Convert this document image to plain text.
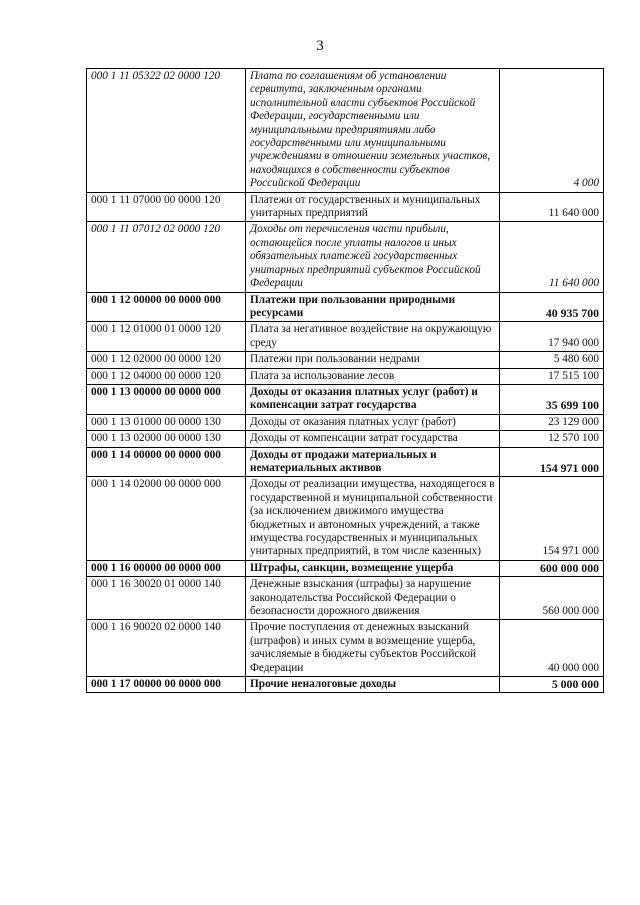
3
000 1 11 05322 02 0000 120	Плата по соглашениям об установлении сервитута, заключенным органами исполнительной власти субъектов Российской Федерации, государственными или муниципальными предприятиями либо государственными или муниципальными учреждениями в отношении земельных участков, находящихся в собственности субъектов Российской Федерации	4 000
000 1 11 07000 00 0000 120	Платежи от государственных и муниципальных унитарных предприятий	11 640 000
000 1 11 07012 02 0000 120	Доходы от перечисления части прибыли, остающейся после уплаты налогов и иных обязательных платежей государственных унитарных предприятий субъектов Российской Федерации	11 640 000
000 1 12 00000 00 0000 000	Платежи при пользовании природными ресурсами	40 935 700
000 1 12 01000 01 0000 120	Плата за негативное воздействие на окружающую среду	17 940 000
000 1 12 02000 00 0000 120	Платежи при пользовании недрами	5 480 600
000 1 12 04000 00 0000 120	Плата за использование лесов	17 515 100
000 1 13 00000 00 0000 000	Доходы от оказания платных услуг (работ) и компенсации затрат государства	35 699 100
000 1 13 01000 00 0000 130	Доходы от оказания платных услуг (работ)	23 129 000
000 1 13 02000 00 0000 130	Доходы от компенсации затрат государства	12 570 100
000 1 14 00000 00 0000 000	Доходы от продажи материальных и нематериальных активов	154 971 000
000 1 14 02000 00 0000 000	Доходы от реализации имущества, находящегося в государственной и муниципальной собственности (за исключением движимого имущества бюджетных и автономных учреждений, а также имущества государственных и муниципальных унитарных предприятий, в том числе казенных)	154 971 000
000 1 16 00000 00 0000 000	Штрафы, санкции, возмещение ущерба	600 000 000
000 1 16 30020 01 0000 140	Денежные взыскания (штрафы) за нарушение законодательства Российской Федерации о безопасности дорожного движения	560 000 000
000 1 16 90020 02 0000 140	Прочие поступления от денежных взысканий (штрафов) и иных сумм в возмещение ущерба, зачисляемые в бюджеты субъектов Российской Федерации	40 000 000
000 1 17 00000 00 0000 000	Прочие неналоговые доходы	5 000 000
